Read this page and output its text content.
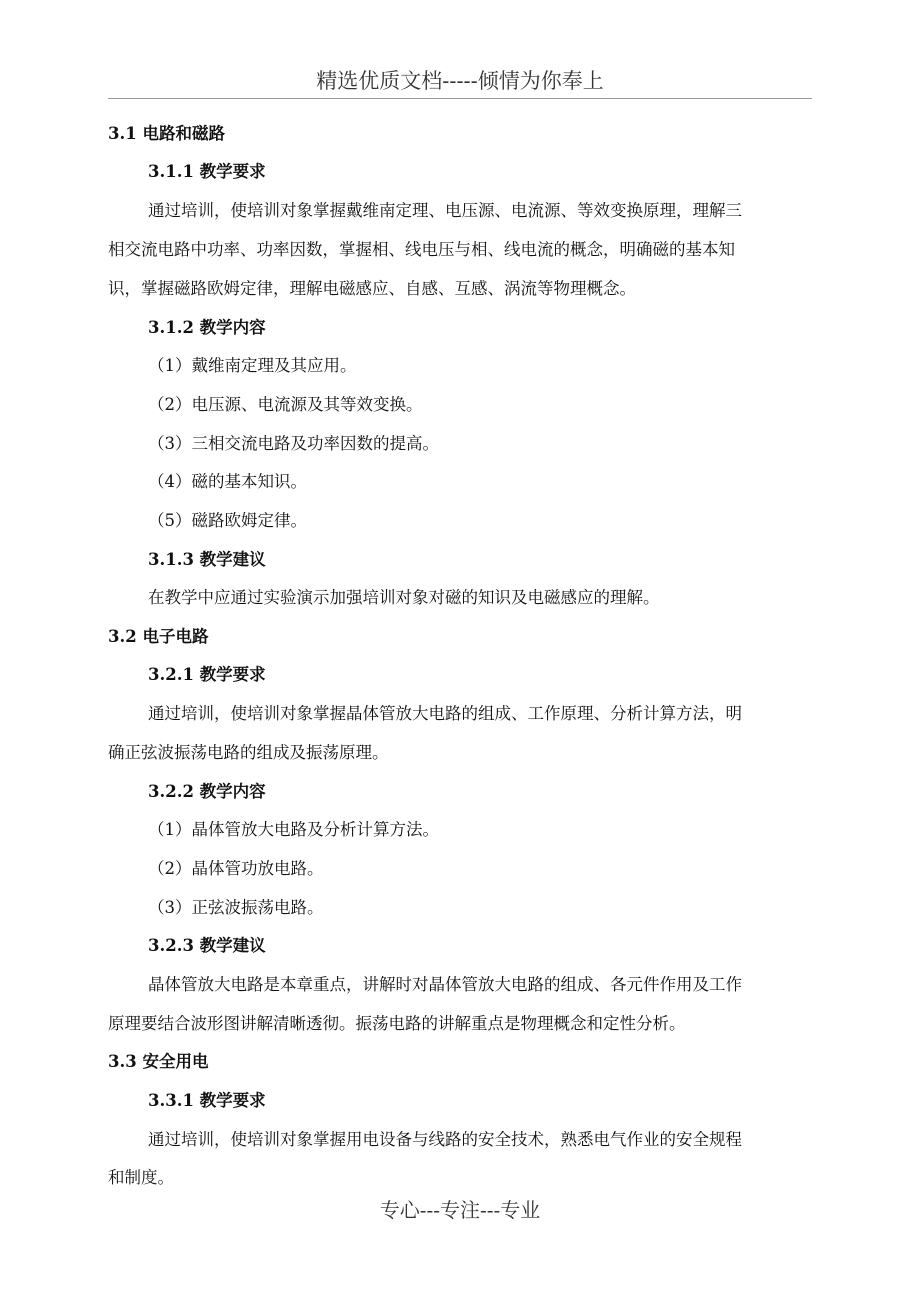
精选优质文档-----倾情为你奉上
3.1 电路和磁路
3.1.1 教学要求
通过培训，使培训对象掌握戴维南定理、电压源、电流源、等效变换原理，理解三
相交流电路中功率、功率因数，掌握相、线电压与相、线电流的概念，明确磁的基本知
识，掌握磁路欧姆定律，理解电磁感应、自感、互感、涡流等物理概念。
3.1.2 教学内容
（1）戴维南定理及其应用。
（2）电压源、电流源及其等效变换。
（3）三相交流电路及功率因数的提高。
（4）磁的基本知识。
（5）磁路欧姆定律。
3.1.3 教学建议
在教学中应通过实验演示加强培训对象对磁的知识及电磁感应的理解。
3.2 电子电路
3.2.1 教学要求
通过培训，使培训对象掌握晶体管放大电路的组成、工作原理、分析计算方法，明
确正弦波振荡电路的组成及振荡原理。
3.2.2 教学内容
（1）晶体管放大电路及分析计算方法。
（2）晶体管功放电路。
（3）正弦波振荡电路。
3.2.3 教学建议
晶体管放大电路是本章重点，讲解时对晶体管放大电路的组成、各元件作用及工作
原理要结合波形图讲解清晰透彻。振荡电路的讲解重点是物理概念和定性分析。
3.3 安全用电
3.3.1 教学要求
通过培训，使培训对象掌握用电设备与线路的安全技术，熟悉电气作业的安全规程
和制度。
专心---专注---专业
